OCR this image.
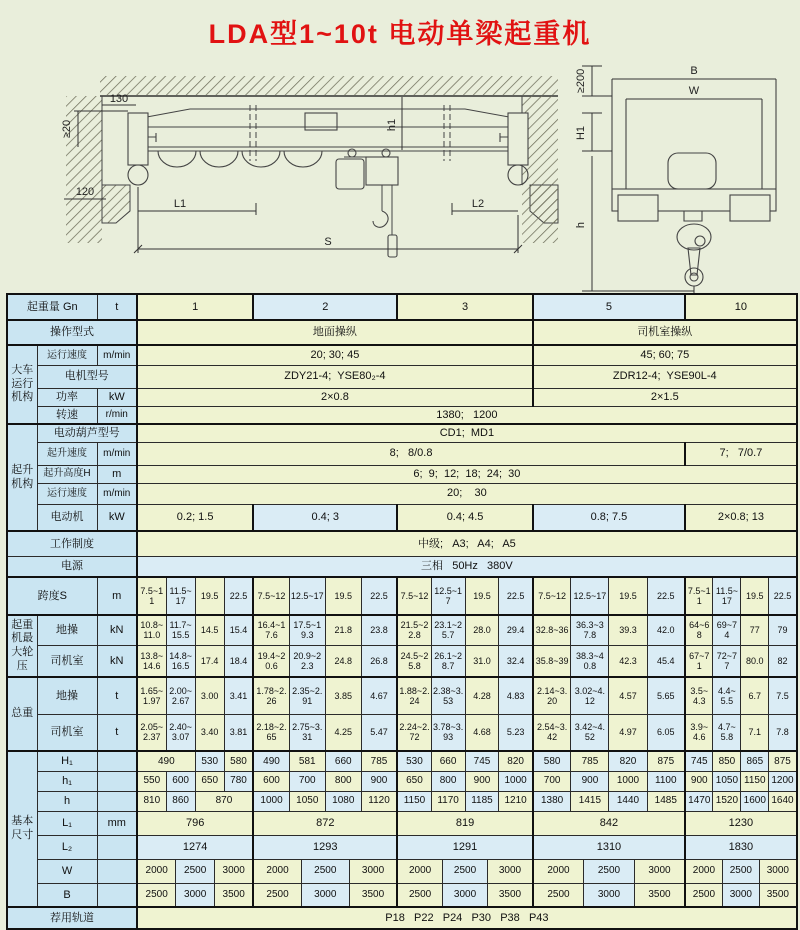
LDA型1~10t 电动单梁起重机
130
≥20
120
L1	L2
h1
S
B
W
≥200
H1
h
起重量 Gn		t	1						2						3						5						10					
操作型式			地面操纵																		司机室操纵											
大车运行机构	运行速度	m/min	20; 30; 45																		45; 60; 75											
	电机型号		ZDY21-4;  YSE80₂-4																		ZDR12-4;  YSE90L-4											
	功率	kW	2×0.8																		2×1.5											
	转速	r/min	1380;   1200																													
起升机构	电动葫芦型号		CD1;  MD1																													
	起升速度	m/min	8;   8/0.8																								7;   7/0.7					
	起升高度H	m	6;  9;  12;  18;  24;  30																													
	运行速度	m/min	20;    30																													
	电动机	kW	0.2; 1.5						0.4; 3						0.4; 4.5						0.8; 7.5						2×0.8; 13					
工作制度			中级;   A3;   A4;   A5																													
电源			三相   50Hz   380V																													
跨度S		m	7.5~11	11.5~17		19.5		22.5	7.5~12	12.5~17		19.5		22.5	7.5~12	12.5~17		19.5		22.5	7.5~12	12.5~17		19.5		22.5	7.5~11	11.5~17		19.5		22.5
起重机最大轮压	地操	kN	10.8~11.0	11.7~15.5		14.5		15.4	16.4~17.6	17.5~19.3		21.8		23.8	21.5~22.8	23.1~25.7		28.0		29.4	32.8~36	36.3~37.8		39.3		42.0	64~68	69~74		77		79
	司机室	kN	13.8~14.6	14.8~16.5		17.4		18.4	19.4~20.6	20.9~22.3		24.8		26.8	24.5~25.8	26.1~28.7		31.0		32.4	35.8~39	38.3~40.8		42.3		45.4	67~71	72~77		80.0		82
总重	地操	t	1.65~1.97	2.00~2.67		3.00		3.41	1.78~2.26	2.35~2.91		3.85		4.67	1.88~2.24	2.38~3.53		4.28		4.83	2.14~3.20	3.02~4.12		4.57		5.65	3.5~4.3	4.4~5.5		6.7		7.5
	司机室	t	2.05~2.37	2.40~3.07		3.40		3.81	2.18~2.65	2.75~3.31		4.25		5.47	2.24~2.72	3.78~3.93		4.68		5.23	2.54~3.42	3.42~4.52		4.97		6.05	3.9~4.6	4.7~5.8		7.1		7.8
基本尺寸	H₁		490			530		580	490	581		660		785	530	660		745		820	580	785		820		875	745	850		865		875
	h₁		550	600		650		780	600	700		800		900	650	800		900		1000	700	900		1000		1100	900	1050		1150		1200
	h		810	860		870			1000	1050		1080		1120	1150	1170		1185		1210	1380	1415		1440		1485	1470	1520		1600		1640
	L₁	mm	796						872						819						842						1230					
	L₂		1274						1293						1291						1310						1830					
	W		2000		2500		3000		2000		2500		3000		2000		2500		3000		2000		2500		3000		2000		2500		3000	
	B		2500		3000		3500		2500		3000		3500		2500		3000		3500		2500		3000		3500		2500		3000		3500	
荐用轨道			P18   P22   P24   P30   P38   P43																													
